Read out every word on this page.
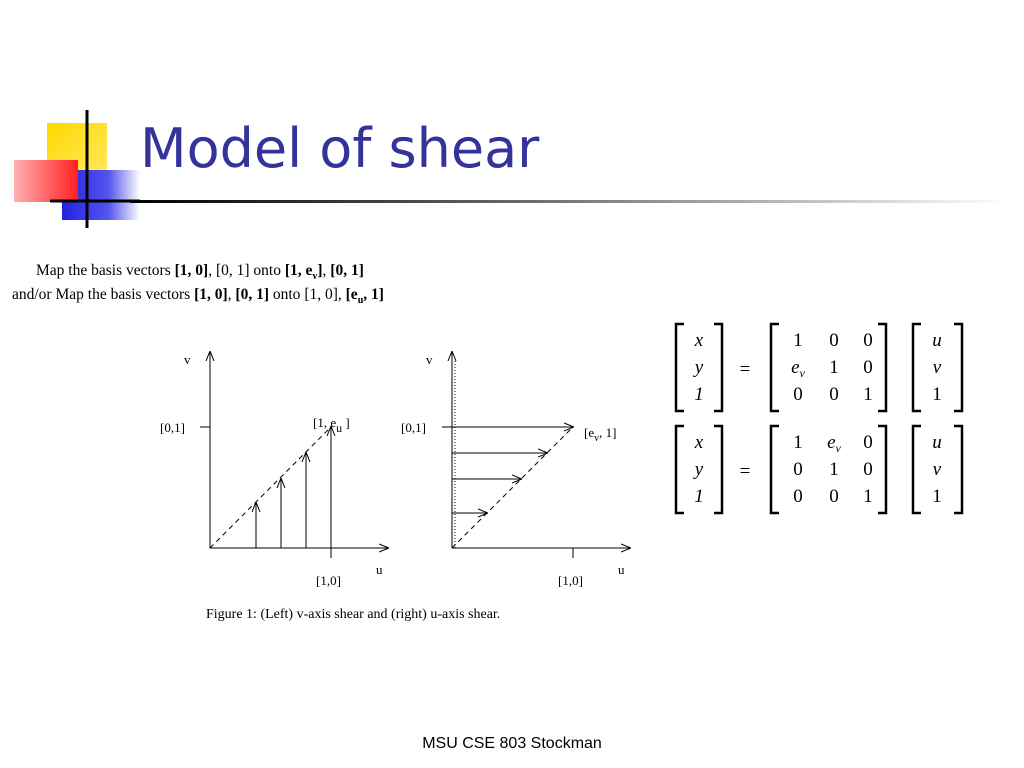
Model of shear
Map the basis vectors [1, 0], [0, 1] onto [1, $e_v$], [0, 1]
and/or Map the basis vectors [1, 0], [0, 1] onto [1, 0], [$e_u$, 1]
v
u
[0,1]
[1,0]
[1, eu ]
v
u
[0,1]
[1,0]
[$e_v$, 1]
Figure 1: (Left) v-axis shear and (right) u-axis shear.
x
y
1
=
1 0 0
$e_v$ 1 0
0 0 1
u
v
1
x
y
1
=
1 $e_v$ 0
0 1 0
0 0 1
u
v
1
MSU CSE 803 Stockman
